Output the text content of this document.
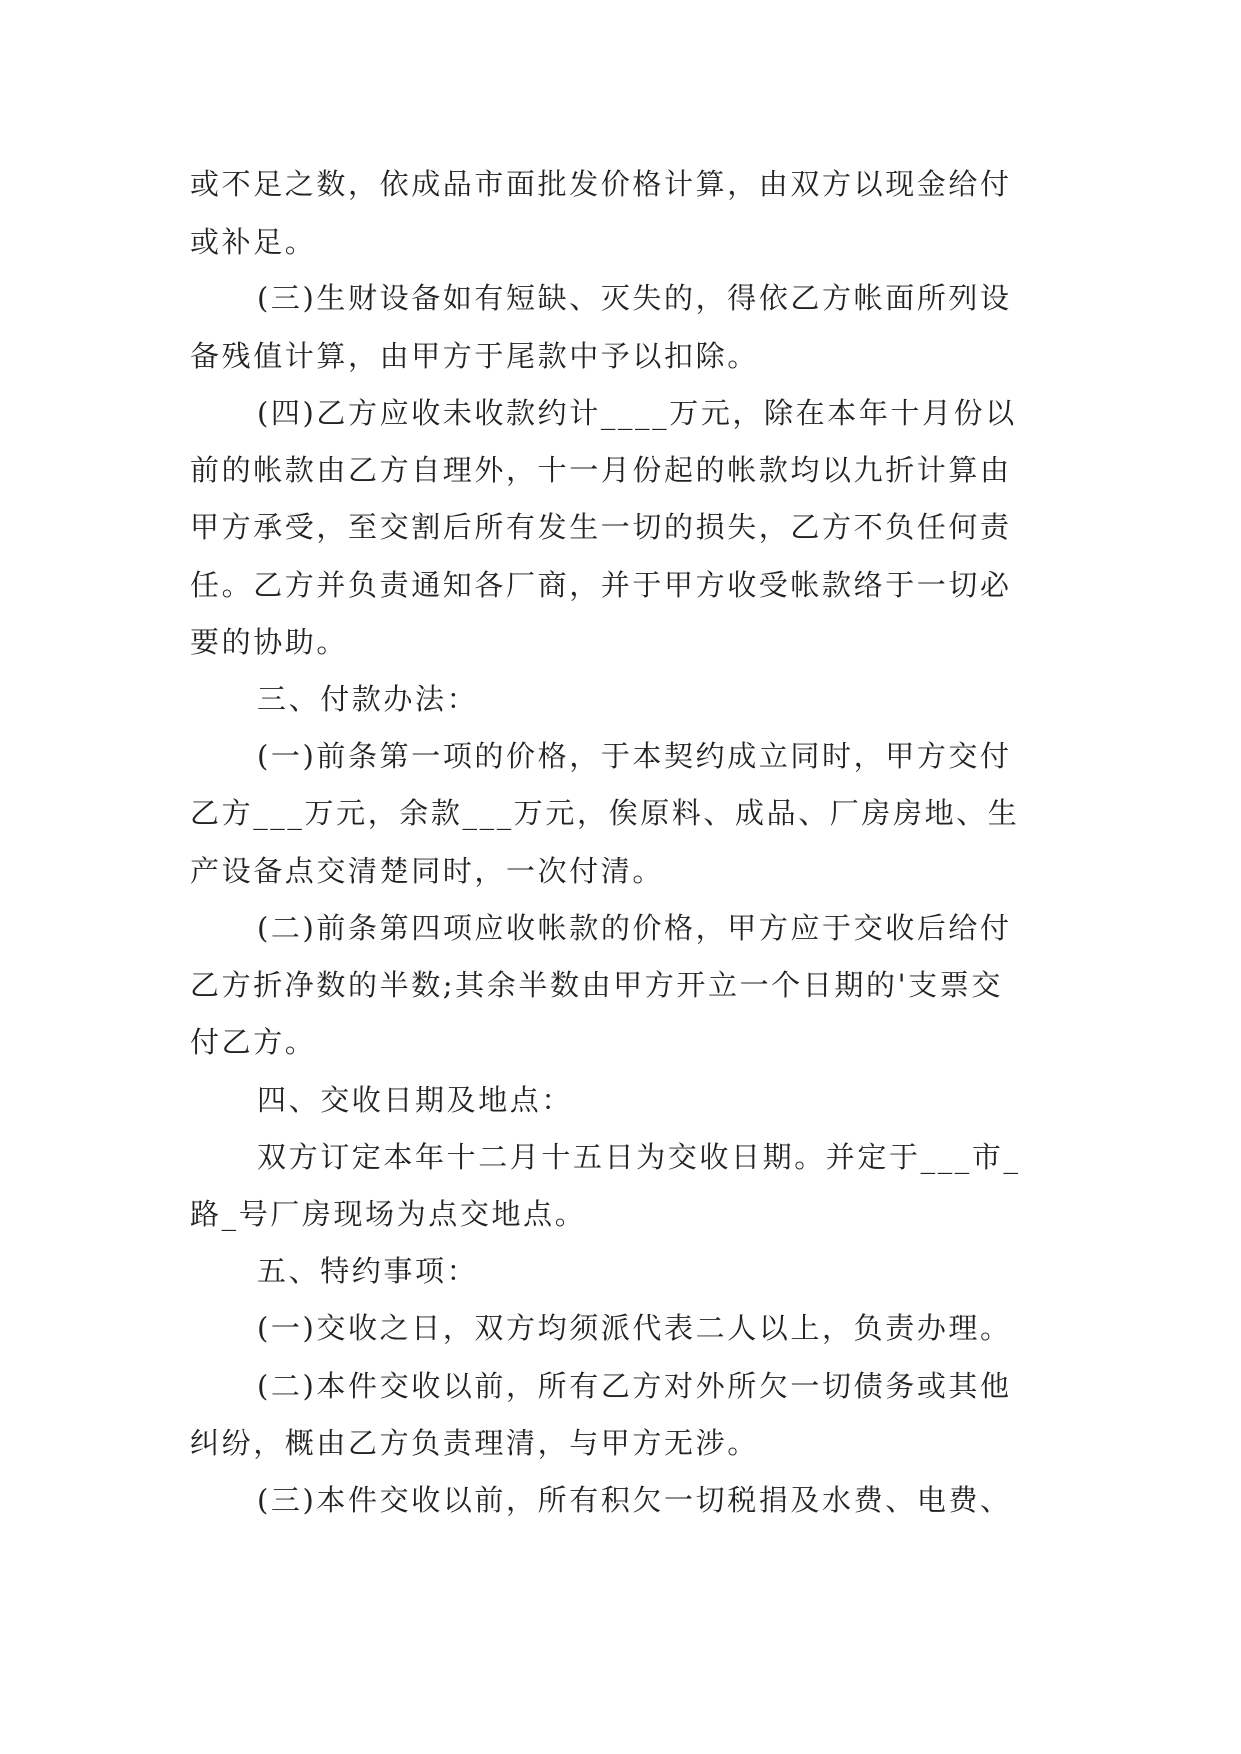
或不足之数，依成品市面批发价格计算，由双方以现金给付
或补足。
(三)生财设备如有短缺、灭失的，得依乙方帐面所列设
备残值计算，由甲方于尾款中予以扣除。
(四)乙方应收未收款约计____万元，除在本年十月份以
前的帐款由乙方自理外，十一月份起的帐款均以九折计算由
甲方承受，至交割后所有发生一切的损失，乙方不负任何责
任。乙方并负责通知各厂商，并于甲方收受帐款络于一切必
要的协助。
三、付款办法：
(一)前条第一项的价格，于本契约成立同时，甲方交付
乙方___万元，余款___万元，俟原料、成品、厂房房地、生
产设备点交清楚同时，一次付清。
(二)前条第四项应收帐款的价格，甲方应于交收后给付
乙方折净数的半数;其余半数由甲方开立一个日期的'支票交
付乙方。
四、交收日期及地点：
双方订定本年十二月十五日为交收日期。并定于___市_
路_号厂房现场为点交地点。
五、特约事项：
(一)交收之日，双方均须派代表二人以上，负责办理。
(二)本件交收以前，所有乙方对外所欠一切债务或其他
纠纷，概由乙方负责理清，与甲方无涉。
(三)本件交收以前，所有积欠一切税捐及水费、电费、
